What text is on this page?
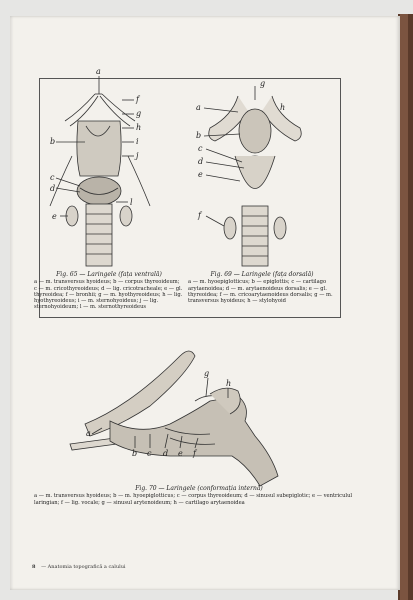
a
f
g
h
b	i
j
c
d
e
l
g
a	h
b
c
d
e
f
g
h
a
b c d e f
Fig. 65 — Laringele (fața ventrală)
a — m. transversus hyoideus; b — corpus thyreoideum; c — m. cricothyreoideus; d — lig. cricotracheale; e — gl. thyreoidea; f — bronhii; g — m. hyothyreoideus; h — lig. hyothyreoideus; i — m. sternohyoideus; j — lig. sternohyoideum; l — m. sternothyreoideus
Fig. 69 — Laringele (fața dorsală)
a — m. hyoepiglotticus; b — epiglottis; c — cartilago arytaenoidea; d — m. arytaenoideus dorsalis; e — gl. thyreoidea; f — m. cricoarytaenoideus dorsalis; g — m. transversus hyoideus; h — stylohyoid
Fig. 70 — Laringele (conformația internă)
a — m. transversus hyoideus; b — m. hyoepiglotticus; c — corpus thyreoideum; d — sinusul subepiglotic; e — ventriculul laringian; f — lig. vocale; g — sinusul arytenoideum; h — cartilago arytaenoidea
8 — Anatomia topografică a calului
